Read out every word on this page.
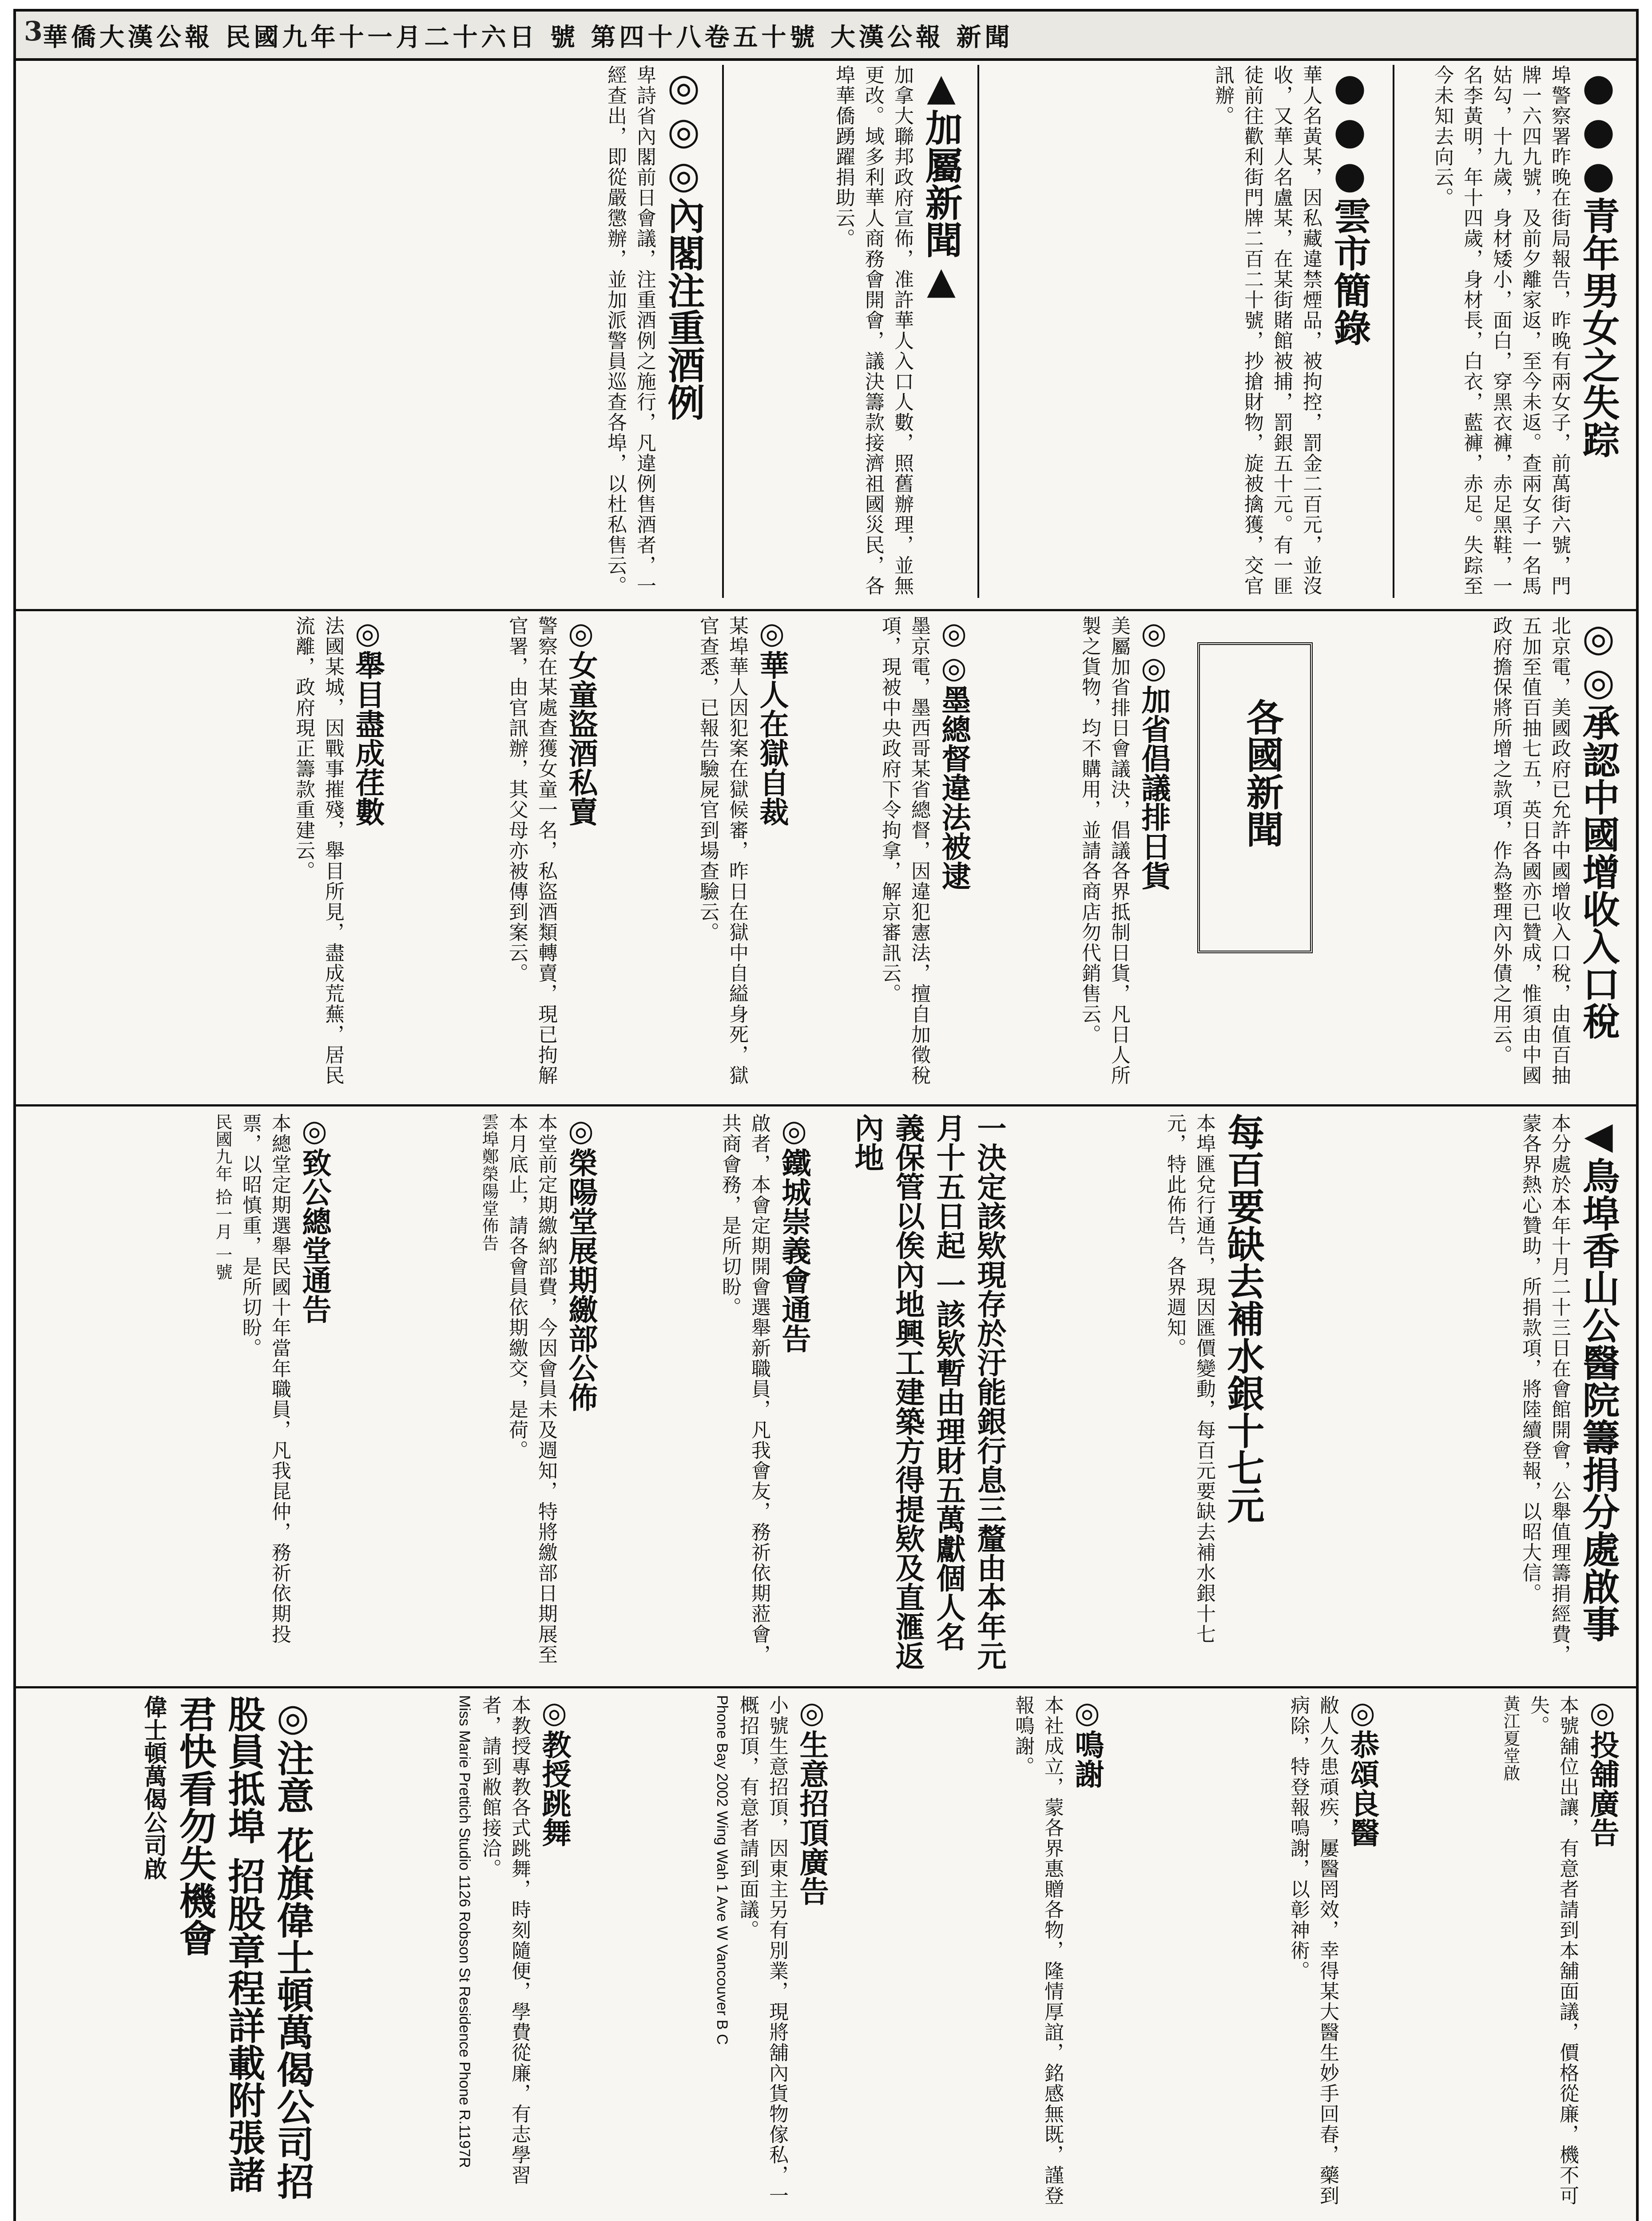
3 華僑大漢公報 民國九年十一月二十六日 號 第四十八卷五十號 大漢公報 新聞
●●●青年男女之失踪
埠警察署昨晚在街局報告，昨晚有兩女子，前萬街六號，門牌一六四九號，及前夕離家返，至今未返。查兩女子一名馬姑勾，十九歲，身材矮小，面白，穿黑衣褲，赤足黑鞋，一名李黃明，年十四歲，身材長，白衣，藍褲，赤足。失踪至今未知去向云。
●●●雲市簡錄
華人名黃某，因私藏違禁煙品，被拘控，罰金二百元，並沒收，又華人名盧某，在某街賭館被捕，罰銀五十元。有一匪徒前往歡利街門牌二百二十號，抄搶財物，旋被擒獲，交官訊辦。
▲加屬新聞▲
加拿大聯邦政府宣佈，准許華人入口人數，照舊辦理，並無更改。域多利華人商務會開會，議決籌款接濟祖國災民，各埠華僑踴躍捐助云。
◎◎◎內閣注重酒例
卑詩省內閣前日會議，注重酒例之施行，凡違例售酒者，一經查出，即從嚴懲辦，並加派警員巡查各埠，以杜私售云。
◎◎承認中國增收入口稅
北京電，美國政府已允許中國增收入口稅，由值百抽五加至值百抽七五，英日各國亦已贊成，惟須由中國政府擔保將所增之款項，作為整理內外債之用云。
各國新聞
◎◎加省倡議排日貨
美屬加省排日會議決，倡議各界抵制日貨，凡日人所製之貨物，均不購用，並請各商店勿代銷售云。
◎◎墨總督違法被逮
墨京電，墨西哥某省總督，因違犯憲法，擅自加徵稅項，現被中央政府下令拘拿，解京審訊云。
◎華人在獄自裁
某埠華人因犯案在獄候審，昨日在獄中自縊身死，獄官查悉，已報告驗屍官到場查驗云。
◎女童盜酒私賣
警察在某處查獲女童一名，私盜酒類轉賣，現已拘解官署，由官訊辦，其父母亦被傳到案云。
◎舉目盡成荏數
法國某城，因戰事摧殘，舉目所見，盡成荒蕪，居民流離，政府現正籌款重建云。
◀鳥埠香山公醫院籌捐分處啟事
本分處於本年十月二十三日在會館開會，公舉值理籌捐經費，蒙各界熱心贊助，所捐款項，將陸續登報，以昭大信。
每百要缺去補水銀十七元
本埠匯兌行通告，現因匯價變動，每百元要缺去補水銀十七元，特此佈告，各界週知。
一決定該欵現存於汙能銀行息三釐由本年元月十五日起 一該欵暫由理財五萬獻個人名義保管以俟內地興工建築方得提欵及直滙返內地
◎鐵城崇義會通告
啟者，本會定期開會選舉新職員，凡我會友，務祈依期蒞會，共商會務，是所切盼。
◎榮陽堂展期繳部公佈
本堂前定期繳納部費，今因會員未及週知，特將繳部日期展至本月底止，請各會員依期繳交，是荷。
雲埠鄭榮陽堂佈告
◎致公總堂通告
本總堂定期選舉民國十年當年職員，凡我昆仲，務祈依期投票，以昭慎重，是所切盼。
民國九年 拾一月 一號
◎投舖廣告
本號舖位出讓，有意者請到本舖面議，價格從廉，機不可失。
黃江夏堂啟
◎恭頌良醫
敝人久患頑疾，屢醫罔效，幸得某大醫生妙手回春，藥到病除，特登報鳴謝，以彰神術。
◎鳴謝
本社成立，蒙各界惠贈各物，隆情厚誼，銘感無既，謹登報鳴謝。
◎生意招頂廣告
小號生意招頂，因東主另有別業，現將舖內貨物傢私，一概招頂，有意者請到面議。
Phone Bay 2002 Wing Wah 1 Ave W Vancouver B C
◎教授跳舞
本教授專教各式跳舞，時刻隨便，學費從廉，有志學習者，請到敝館接洽。
Miss Marie Prettich Studio 1126 Robson St Residence Phone R.1197R
◎注意 花旗偉士頓萬偈公司招股員抵埠 招股章程詳載附張諸君快看勿失機會
偉士頓萬偈公司啟
